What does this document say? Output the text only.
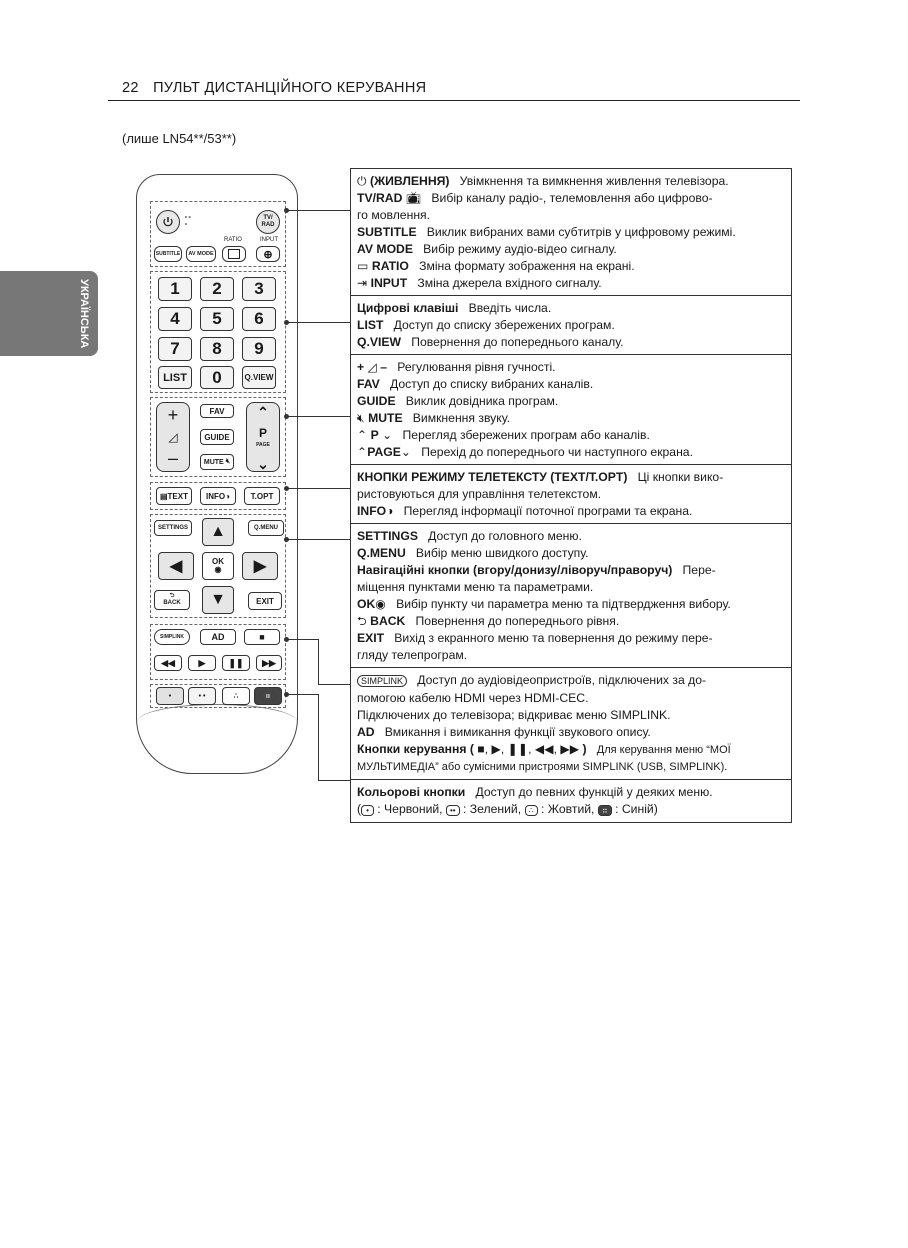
22 ПУЛЬТ ДИСТАНЦІЙНОГО КЕРУВАННЯ
(лише LN54**/53**)
УКРАЇНСЬКА
∘∘
∘
TV/ RAD
SUBTITLE	AV MODE
RATIO	INPUT
⊕
1	2	3
4	5	6
7	8	9
LIST	0	Q.VIEW
+
◿
–
FAV
GUIDE
MUTE
🔇︎
⌃
P
PAGE
⌄
▤ TEXT INFO ◑	T.OPT
SETTINGS	Q.MENU
▲
◀	OK
◉ ▶
⮌
BACK ▼	EXIT
SIMPLINK	AD	■
◀◀	▶	❚❚ ▶▶
•	• •	∴	⠶
⏻ (ЖИВЛЕННЯ) Увімкнення та вимкнення живлення телевізора.
TV/RAD 📺︎ Вибір каналу радіо-, телемовлення або цифрово-
го мовлення.
SUBTITLE Виклик вибраних вами субтитрів у цифровому режимі.
AV MODE Вибір режиму аудіо-відео сигналу.
▭ RATIO Зміна формату зображення на екрані.
⇥ INPUT Зміна джерела вхідного сигналу.
Цифрові клавіші Введіть числа.
LIST Доступ до списку збережених програм.
Q.VIEW Повернення до попереднього каналу.
+ ◿ – Регулювання рівня гучності.
FAV Доступ до списку вибраних каналів.
GUIDE Виклик довідника програм.
🔇︎ MUTE Вимкнення звуку.
⌃ P ⌄ Перегляд збережених програм або каналів.
⌃PAGE⌄ Перехід до попереднього чи наступного екрана.
КНОПКИ РЕЖИМУ ТЕЛЕТЕКСТУ (TEXT/T.OPT) Ці кнопки вико-
ристовуються для управління телетекстом.
INFO◑ Перегляд інформації поточної програми та екрана.
SETTINGS Доступ до головного меню.
Q.MENU Вибір меню швидкого доступу.
Навігаційні кнопки (вгору/донизу/ліворуч/праворуч) Пере-
міщення пунктами меню та параметрами.
OK◉ Вибір пункту чи параметра меню та підтвердження вибору.
⮌ BACK Повернення до попереднього рівня.
EXIT Вихід з екранного меню та повернення до режиму пере-
гляду телепрограм.
SIMPLINK Доступ до аудіовідеопристроїв, підключених за до-
помогою кабелю HDMI через HDMI-CEC.
Підключених до телевізора; відкриває меню SIMPLINK.
AD Вмикання і вимикання функції звукового опису.
Кнопки керування ( ■, ▶, ❚❚, ◀◀, ▶▶ ) Для керування меню “МОЇ
МУЛЬТИМЕДІА” або сумісними пристроями SIMPLINK (USB, SIMPLINK).
Кольорові кнопки Доступ до певних функцій у деяких меню.
( • : Червоний, •• : Зелений, ∴ : Жовтий, ⠶ : Синій)
